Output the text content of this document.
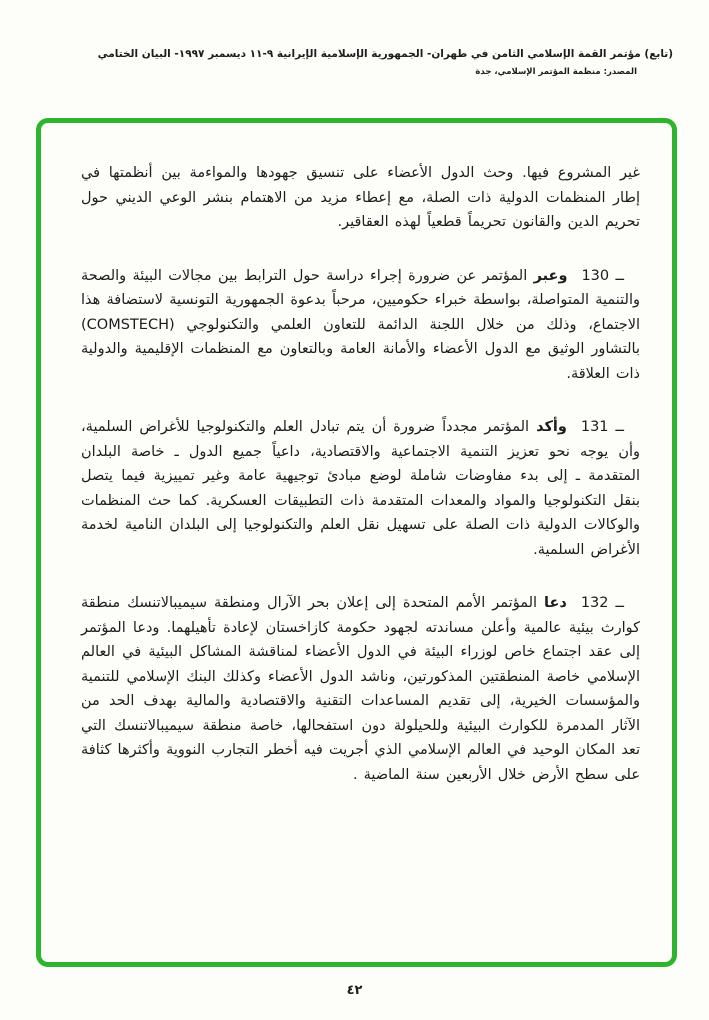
(تابع) مؤتمر القمة الإسلامي الثامن في طهران- الجمهورية الإسلامية الإيرانية ٩-١١ ديسمبر ١٩٩٧- البيان الختامي
المصدر: منظمة المؤتمر الإسلامي، جدة

غير المشروع فيها. وحث الدول الأعضاء على تنسيق جهودها والمواءمة بين أنظمتها في إطار المنظمات الدولية ذات الصلة، مع إعطاء مزيد من الاهتمام بنشر الوعي الديني حول تحريم الدين والقانون تحريماً قطعياً لهذه العقاقير.

130 ــوعبر المؤتمر عن ضرورة إجراء دراسة حول الترابط بين مجالات البيئة والصحة والتنمية المتواصلة، بواسطة خبراء حكوميين، مرحباً بدعوة الجمهورية التونسية لاستضافة هذا الاجتماع، وذلك من خلال اللجنة الدائمة للتعاون العلمي والتكنولوجي (COMSTECH) بالتشاور الوثيق مع الدول الأعضاء والأمانة العامة وبالتعاون مع المنظمات الإقليمية والدولية ذات العلاقة.

131 ــوأكد المؤتمر مجدداً ضرورة أن يتم تبادل العلم والتكنولوجيا للأغراض السلمية، وأن يوجه نحو تعزيز التنمية الاجتماعية والاقتصادية، داعياً جميع الدول ـ خاصة البلدان المتقدمة ـ إلى بدء مفاوضات شاملة لوضع مبادئ توجيهية عامة وغير تمييزية فيما يتصل بنقل التكنولوجيا والمواد والمعدات المتقدمة ذات التطبيقات العسكرية. كما حث المنظمات والوكالات الدولية ذات الصلة على تسهيل نقل العلم والتكنولوجيا إلى البلدان النامية لخدمة الأغراض السلمية.

132 ــدعا المؤتمر الأمم المتحدة إلى إعلان بحر الآرال ومنطقة سيميبالاتنسك منطقة كوارث بيئية عالمية وأعلن مساندته لجهود حكومة كازاخستان لإعادة تأهيلهما. ودعا المؤتمر إلى عقد اجتماع خاص لوزراء البيئة في الدول الأعضاء لمناقشة المشاكل البيئية في العالم الإسلامي خاصة المنطقتين المذكورتين، وناشد الدول الأعضاء وكذلك البنك الإسلامي للتنمية والمؤسسات الخيرية، إلى تقديم المساعدات التقنية والاقتصادية والمالية بهدف الحد من الآثار المدمرة للكوارث البيئية وللحيلولة دون استفحالها، خاصة منطقة سيميبالاتنسك التي تعد المكان الوحيد في العالم الإسلامي الذي أجريت فيه أخطر التجارب النووية وأكثرها كثافة على سطح الأرض خلال الأربعين سنة الماضية .

٤٢
